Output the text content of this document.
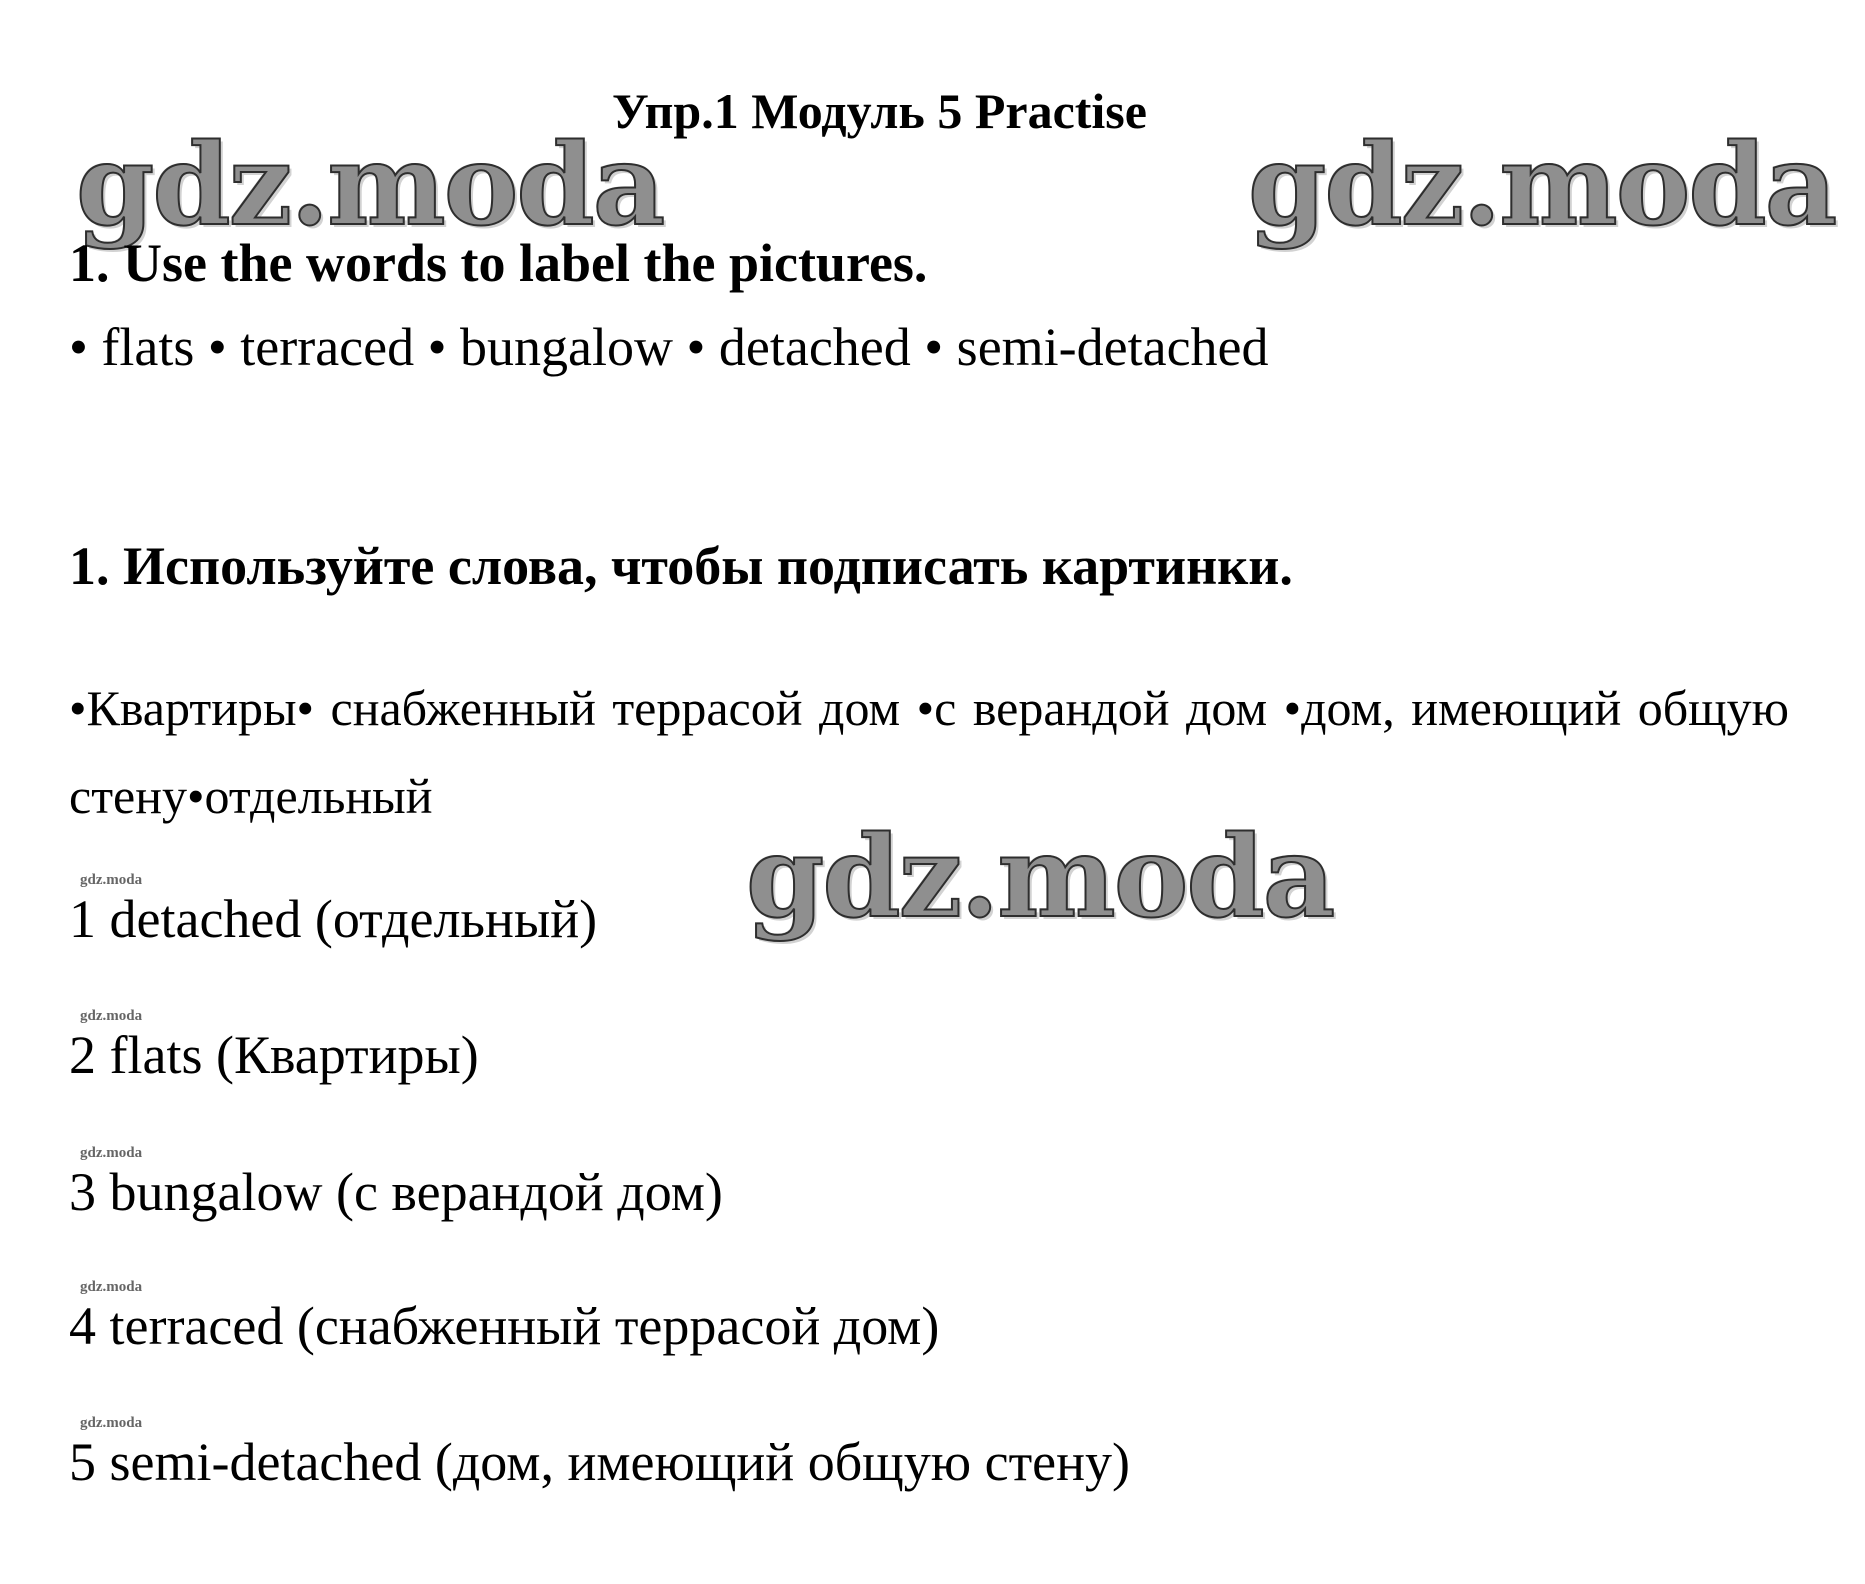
gdz.moda	gdz.moda
Упр.1 Модуль 5 Practise
1. Use the words to label the pictures.
• flats • terraced • bungalow • detached • semi-detached
1. Используйте слова, чтобы подписать картинки.
•Квартиры• снабженный террасой дом •с верандой дом •дом, имеющий общую стену•отдельный
gdz.moda
1 detached (отдельный)
gdz.moda
2 flats (Квартиры)
gdz.moda
3 bungalow (с верандой дом)
gdz.moda
4 terraced (снабженный террасой дом)
gdz.moda
5 semi-detached (дом, имеющий общую стену)
gdz.moda
